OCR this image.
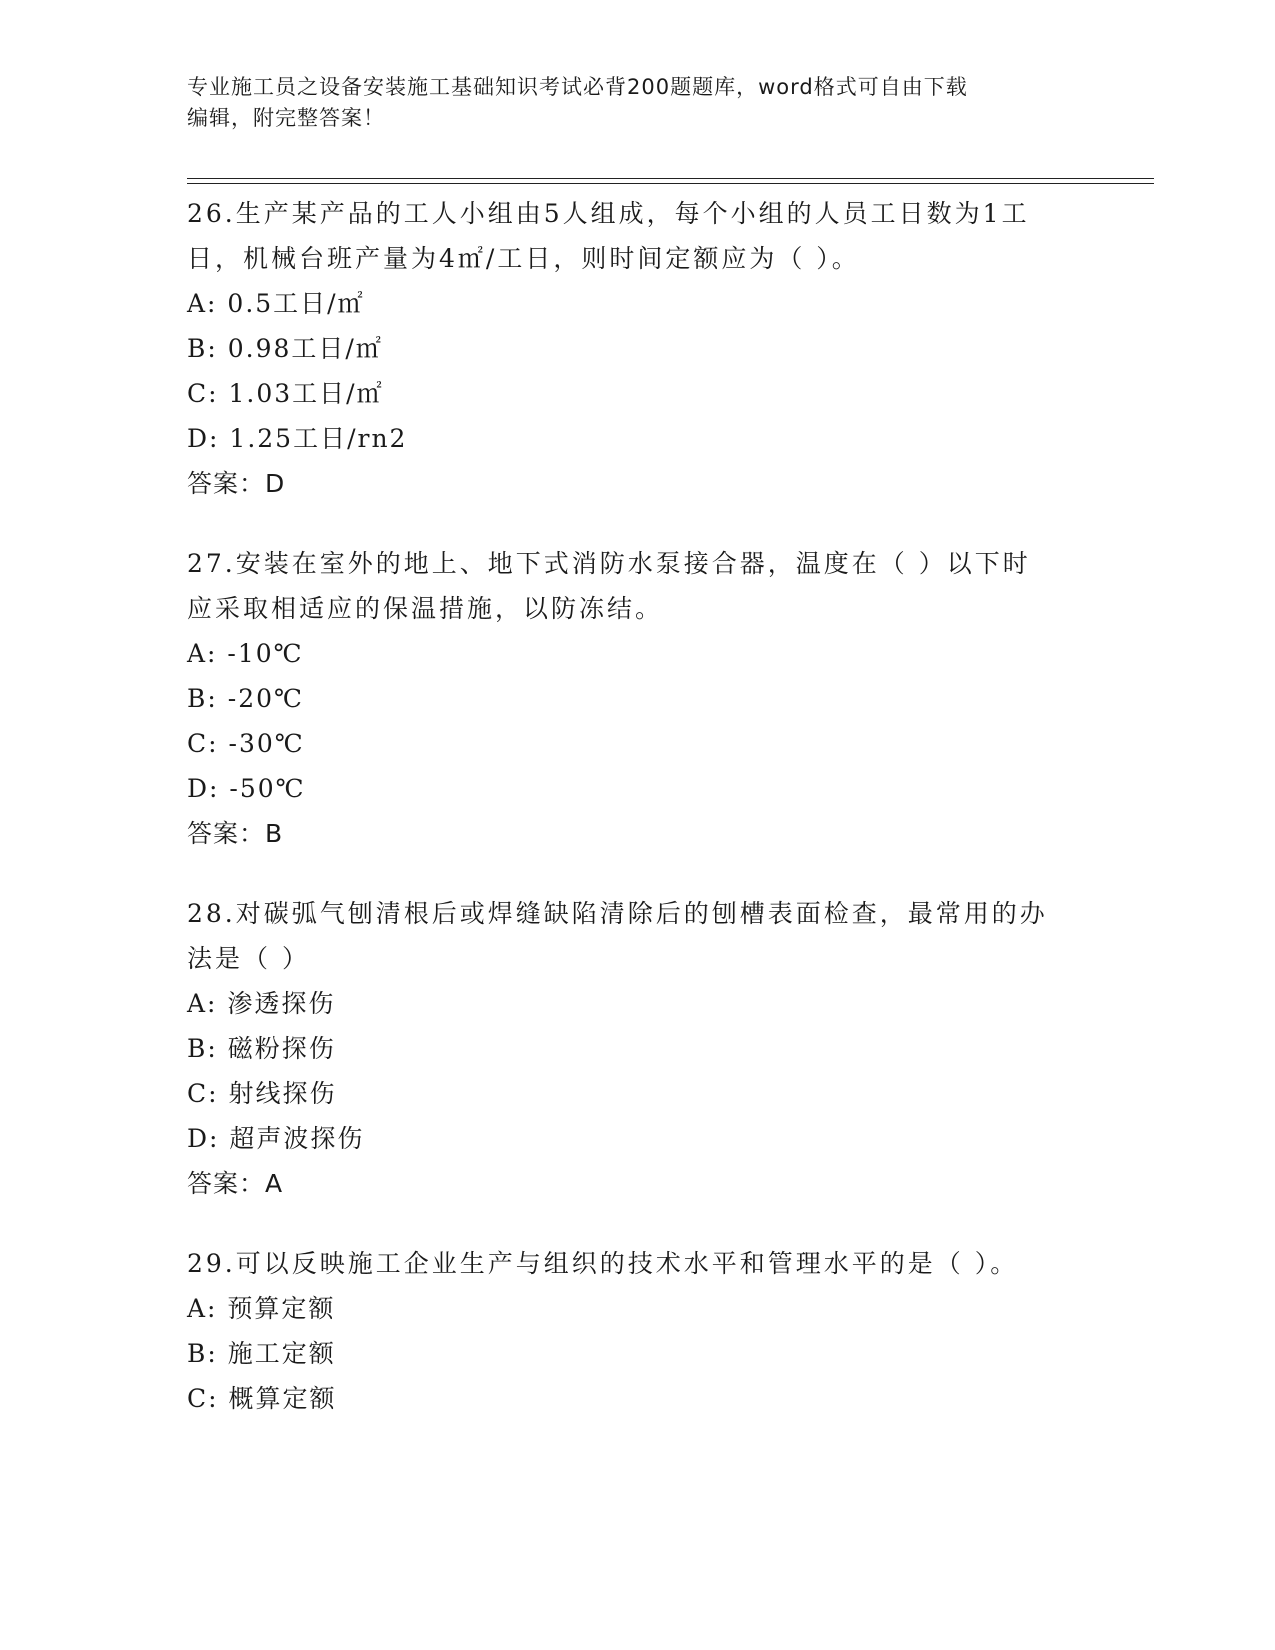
专业施工员之设备安装施工基础知识考试必背200题题库，word格式可自由下载
编辑，附完整答案！
26.生产某产品的工人小组由5人组成，每个小组的人员工日数为1工
日，机械台班产量为4㎡/工日，则时间定额应为（ ）。
A: 0.5工日/㎡
B: 0.98工日/㎡
C: 1.03工日/㎡
D: 1.25工日/rn2
答案：D
27.安装在室外的地上、地下式消防水泵接合器，温度在（ ）以下时
应采取相适应的保温措施，以防冻结。
A: -10℃
B: -20℃
C: -30℃
D: -50℃
答案：B
28.对碳弧气刨清根后或焊缝缺陷清除后的刨槽表面检查，最常用的办
法是（ ）
A: 渗透探伤
B: 磁粉探伤
C: 射线探伤
D: 超声波探伤
答案：A
29.可以反映施工企业生产与组织的技术水平和管理水平的是（ ）。
A: 预算定额
B: 施工定额
C: 概算定额
